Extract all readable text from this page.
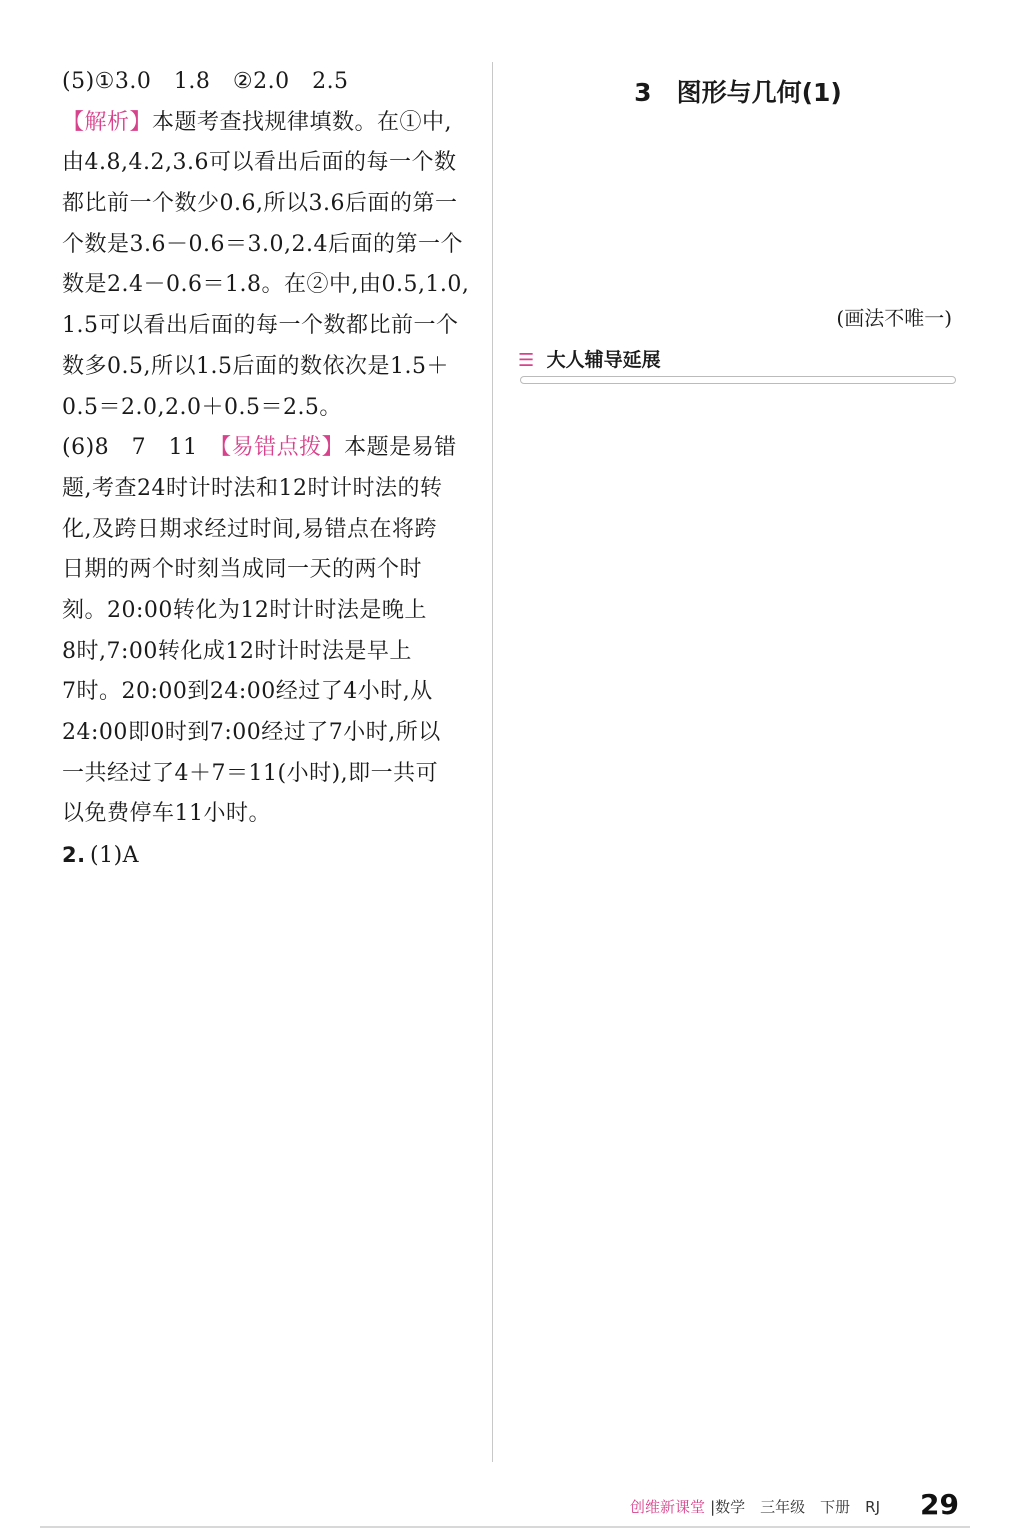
(5)①3.0　1.8　②2.0　2.5
【解析】本题考查找规律填数。在①中,
由4.8,4.2,3.6可以看出后面的每一个数
都比前一个数少0.6,所以3.6后面的第一
个数是3.6－0.6＝3.0,2.4后面的第一个
数是2.4－0.6＝1.8。在②中,由0.5,1.0,
1.5可以看出后面的每一个数都比前一个
数多0.5,所以1.5后面的数依次是1.5＋
0.5＝2.0,2.0＋0.5＝2.5。
(6)8　7　11　【易错点拨】本题是易错
题,考查24时计时法和12时计时法的转
化,及跨日期求经过时间,易错点在将跨
日期的两个时刻当成同一天的两个时
刻。20:00转化为12时计时法是晚上
8时,7:00转化成12时计时法是早上
7时。20:00到24:00经过了4小时,从
24:00即0时到7:00经过了7小时,所以
一共经过了4＋7＝11(小时),即一共可
以免费停车11小时。
2. (1)A
3　图形与几何(1)
(画法不唯一)
☰ 大人辅导延展
创维新课堂 |数学　三年级　下册　RJ 29
